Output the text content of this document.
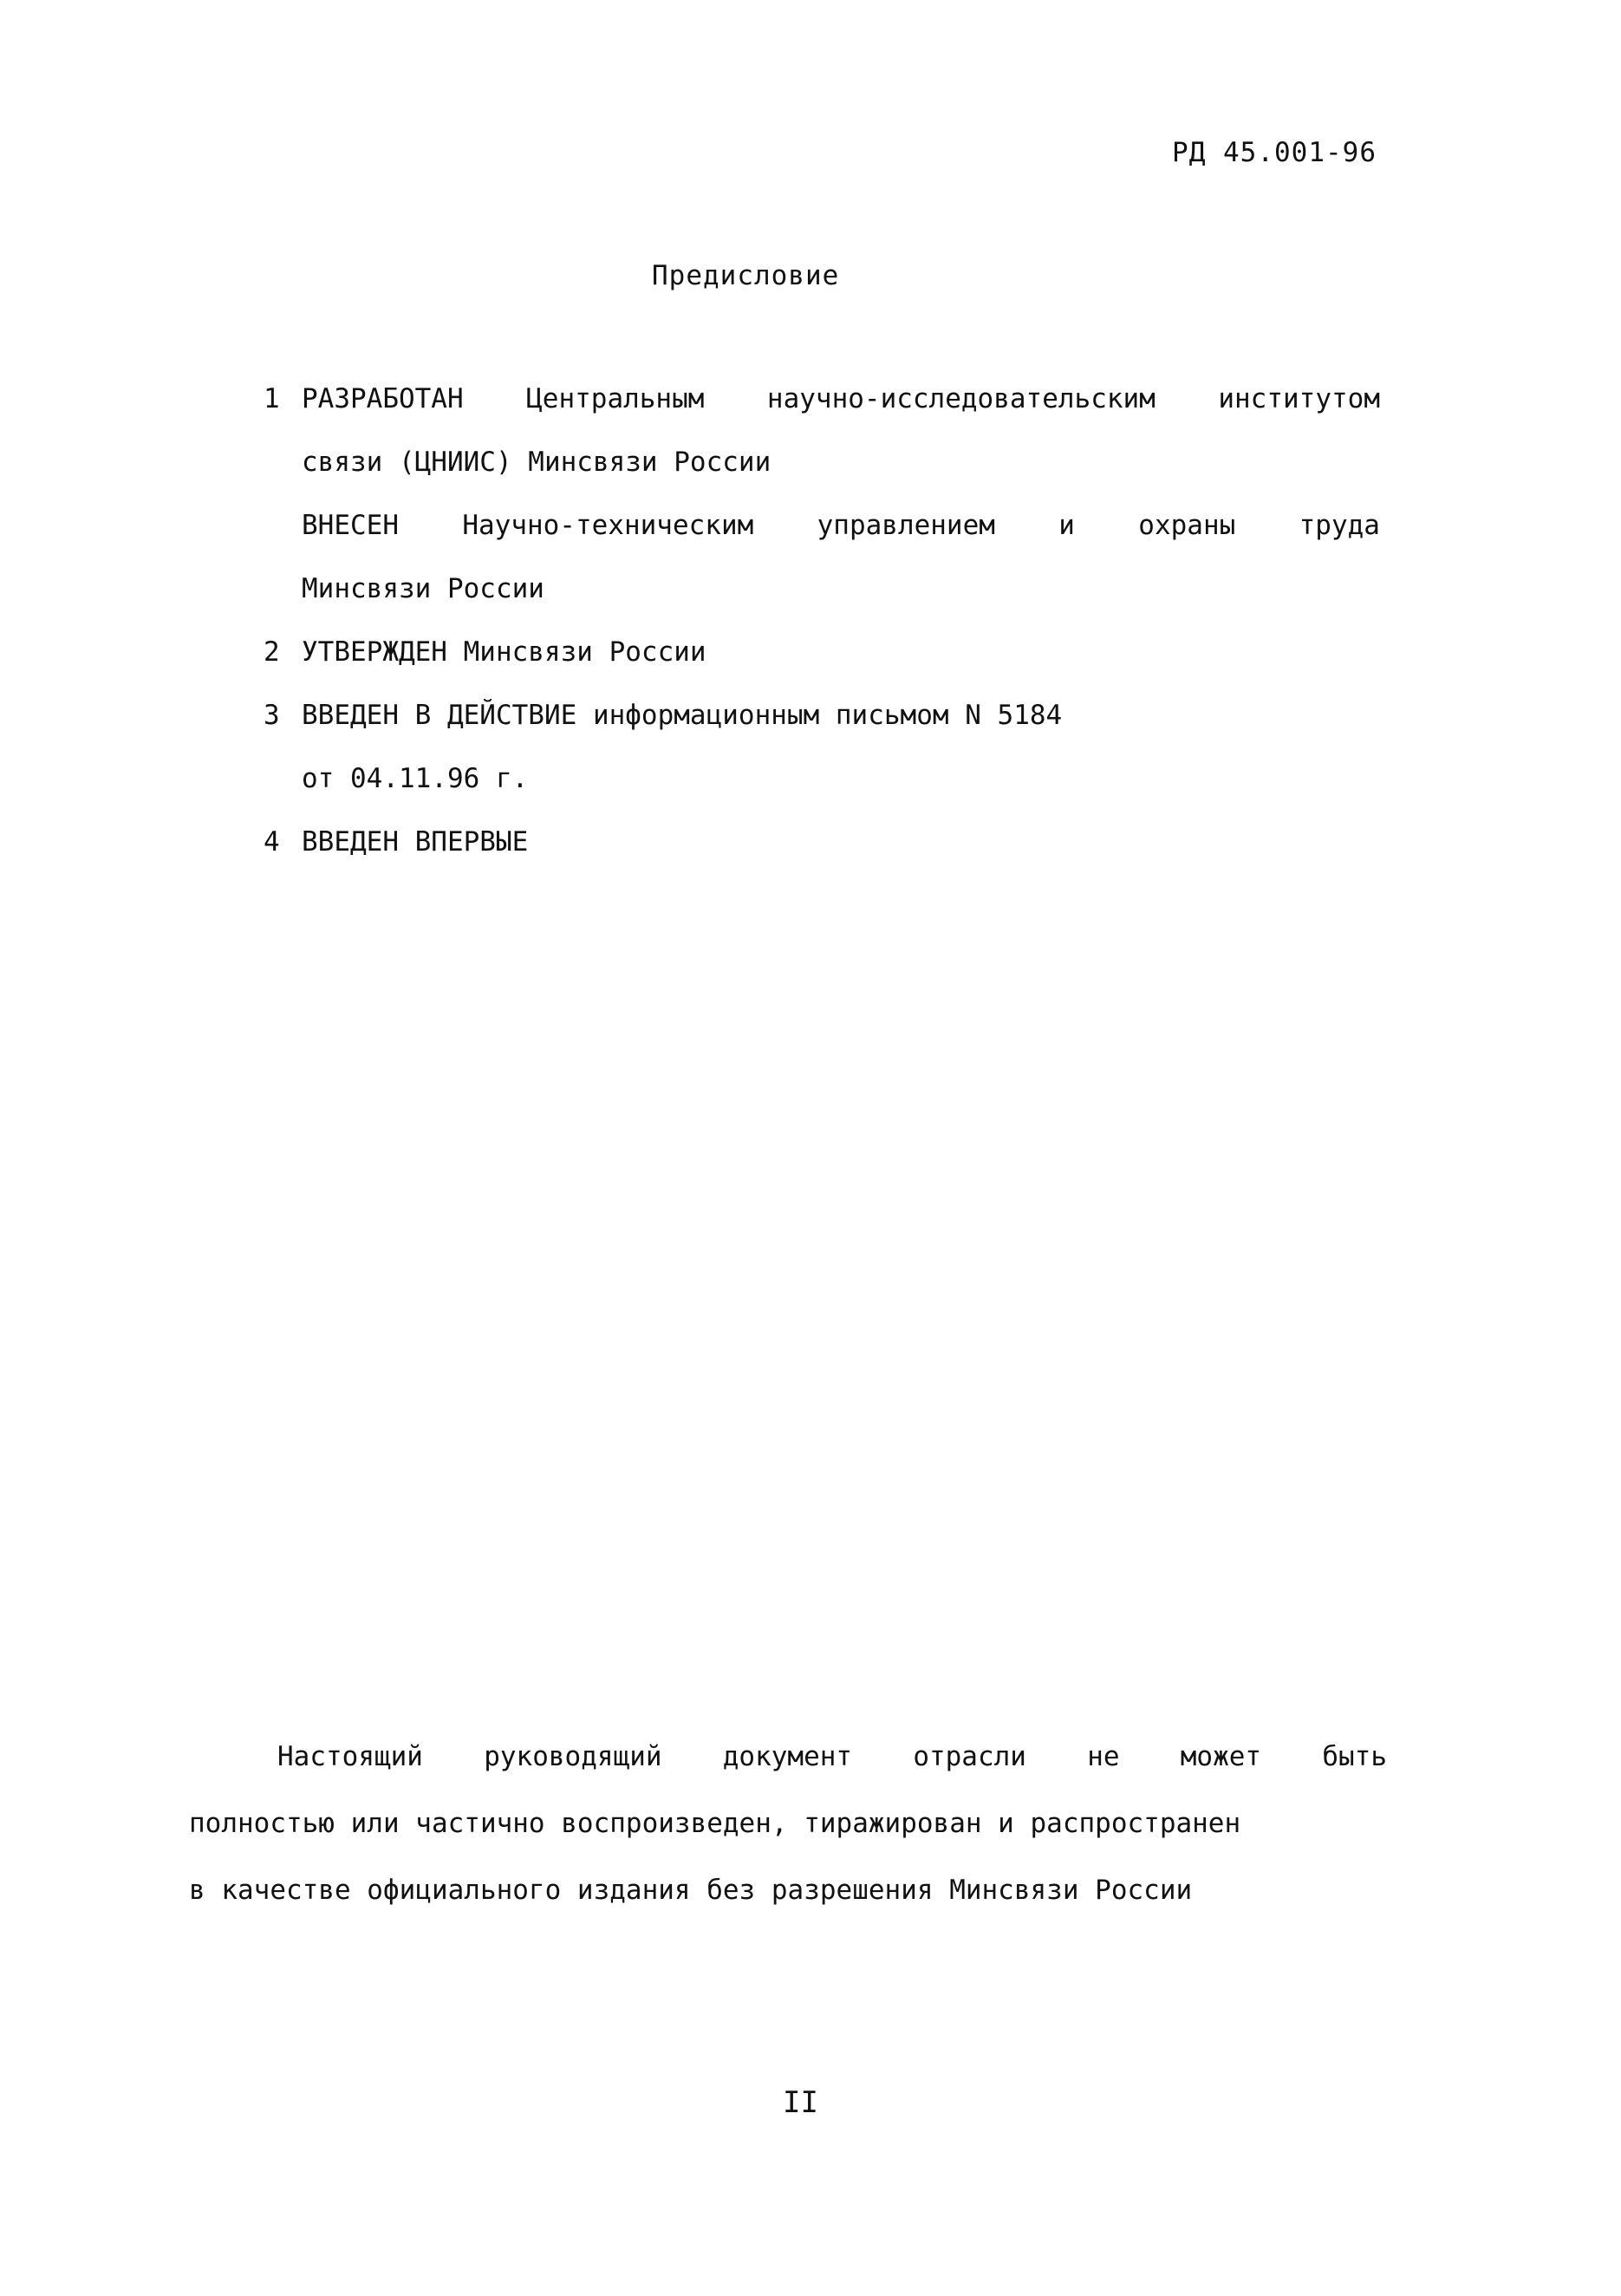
РД 45.001-96
Предисловие
1 РАЗРАБОТАН Центральным научно-исследовательским институтом
связи (ЦНИИС) Минсвязи России
ВНЕСЕН Научно-техническим управлением и охраны труда
Минсвязи России
2 УТВЕРЖДЕН Минсвязи России
3 ВВЕДЕН В ДЕЙСТВИЕ информационным письмом N 5184
от 04.11.96 г.
4 ВВЕДЕН ВПЕРВЫЕ
Настоящий руководящий документ отрасли не может быть
полностью или частично воспроизведен, тиражирован и распространен
в качестве официального издания без разрешения Минсвязи России
II
